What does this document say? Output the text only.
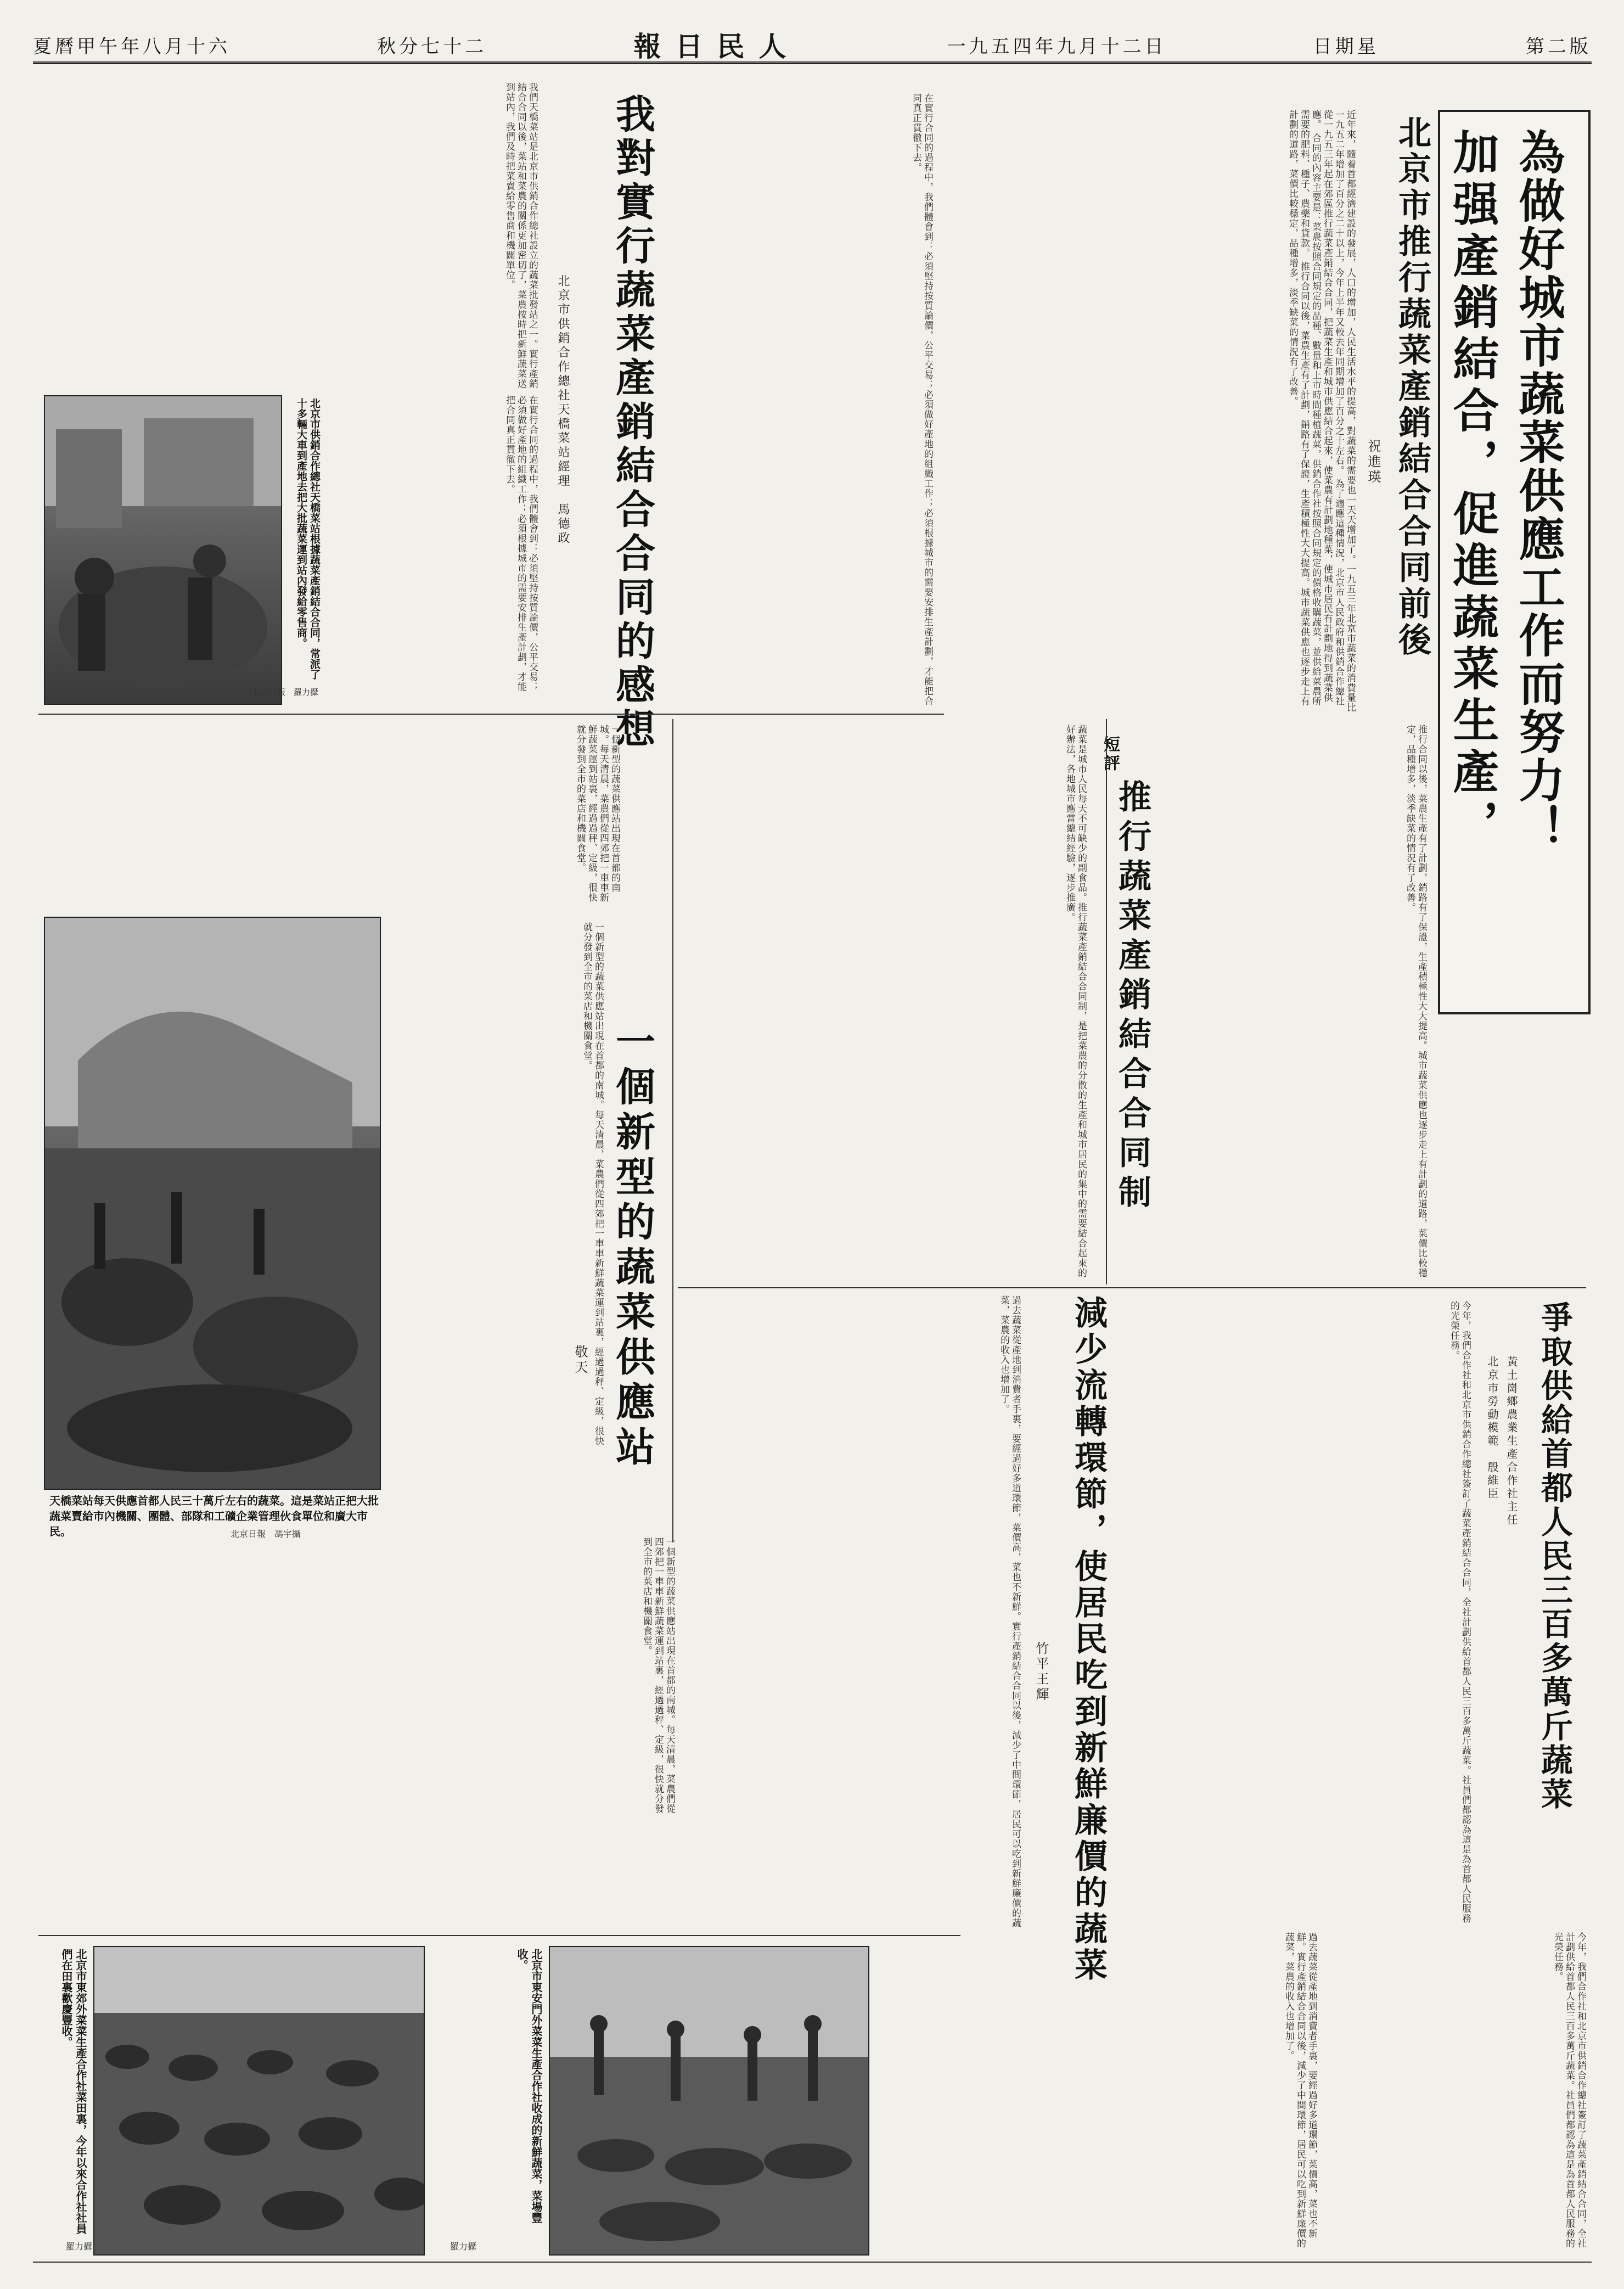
夏曆甲午年八月十六	秋分七十二	報日民人	一九五四年九月十二日	日期星	第二版
加强產銷結合，促進蔬菜生產， 為做好城市蔬菜供應工作而努力！
北京市推行蔬菜產銷結合合同前後
祝進瑛
近年來，隨着首都經濟建設的發展，人口的增加，人民生活水平的提高，對蔬菜的需要也一天天增加了。一九五三年北京市蔬菜的消費量比一九五二年增加了百分之二十以上，今年上半年又較去年同期增加了百分之十左右。 為了適應這種情況，北京市人民政府和供銷合作總社從一九五三年起在郊區推行蔬菜產銷結合合同，把蔬菜生產和城市供應結合起來，使菜農有計劃地種菜，使城市居民有計劃地得到蔬菜供應。 合同的內容主要是：菜農按照合同規定的品種、數量和上市時間種植蔬菜，供銷合作社按照合同規定的價格收購蔬菜，並供給菜農所需要的肥料、種子、農藥和貸款。 推行合同以後，菜農生產有了計劃，銷路有了保證，生產積極性大大提高。城市蔬菜供應也逐步走上有計劃的道路，菜價比較穩定，品種增多，淡季缺菜的情況有了改善。
推行合同以後，菜農生產有了計劃，銷路有了保證，生產積極性大大提高。城市蔬菜供應也逐步走上有計劃的道路，菜價比較穩定，品種增多，淡季缺菜的情況有了改善。
我對實行蔬菜產銷結合合同的感想
北京市供銷合作總社天橋菜站經理　馬德政
我們天橋菜站是北京市供銷合作總社設立的蔬菜批發站之一。實行產銷結合合同以後，菜站和菜農的關係更加密切了，菜農按時把新鮮蔬菜送到站內，我們及時把菜賣給零售商和機關單位。	在實行合同的過程中，我們體會到：必須堅持按質論價，公平交易；必須做好產地的組織工作；必須根據城市的需要安排生產計劃，才能把合同真正貫徹下去。
在實行合同的過程中，我們體會到：必須堅持按質論價，公平交易；必須做好產地的組織工作；必須根據城市的需要安排生產計劃，才能把合同真正貫徹下去。
北京市供銷合作總社天橋菜站根據蔬菜產銷結合合同，常派了十多輛大車到產地去把大批蔬菜運到站內發給零售商。
北京日報　羅力攝
短評
推行蔬菜產銷結合合同制
蔬菜是城市人民每天不可缺少的副食品。推行蔬菜產銷結合合同制，是把菜農的分散的生產和城市居民的集中的需要結合起來的好辦法，各地城市應當總結經驗，逐步推廣。
一個新型的蔬菜供應站
敬天
一個新型的蔬菜供應站出現在首都的南城。每天清晨，菜農們從四郊把一車車新鮮蔬菜運到站裏，經過過秤、定級，很快就分發到全市的菜店和機關食堂。
一個新型的蔬菜供應站出現在首都的南城。每天清晨，菜農們從四郊把一車車新鮮蔬菜運到站裏，經過過秤、定級，很快就分發到全市的菜店和機關食堂。
一個新型的蔬菜供應站出現在首都的南城。每天清晨，菜農們從四郊把一車車新鮮蔬菜運到站裏，經過過秤、定級，很快就分發到全市的菜店和機關食堂。
天橋菜站每天供應首都人民三十萬斤左右的蔬菜。這是菜站正把大批蔬菜賣給市內機關、團體、部隊和工礦企業管理伙食單位和廣大市民。	北京日報　馮宇攝	爭取供給首都人民三百多萬斤蔬菜
黃土崗鄉農業生產合作社主任
北京市勞動模範　殷維臣
今年，我們合作社和北京市供銷合作總社簽訂了蔬菜產銷結合合同，全社計劃供給首都人民三百多萬斤蔬菜。社員們都認為這是為首都人民服務的光榮任務。
今年，我們合作社和北京市供銷合作總社簽訂了蔬菜產銷結合合同，全社計劃供給首都人民三百多萬斤蔬菜。社員們都認為這是為首都人民服務的光榮任務。
減少流轉環節，使居民吃到新鮮廉價的蔬菜
竹平王輝
過去蔬菜從產地到消費者手裏，要經過好多道環節，菜價高，菜也不新鮮。實行產銷結合合同以後，減少了中間環節，居民可以吃到新鮮廉價的蔬菜，菜農的收入也增加了。
過去蔬菜從產地到消費者手裏，要經過好多道環節，菜價高，菜也不新鮮。實行產銷結合合同以後，減少了中間環節，居民可以吃到新鮮廉價的蔬菜，菜農的收入也增加了。
北京市東郊外菜菜生產合作社菜田裏，今年以來合作社社員們在田裏歡慶豐收。
羅力攝
北京市東安門外菜菜生產合作社收成的新鮮蔬菜，菜場豐收。
羅力攝
